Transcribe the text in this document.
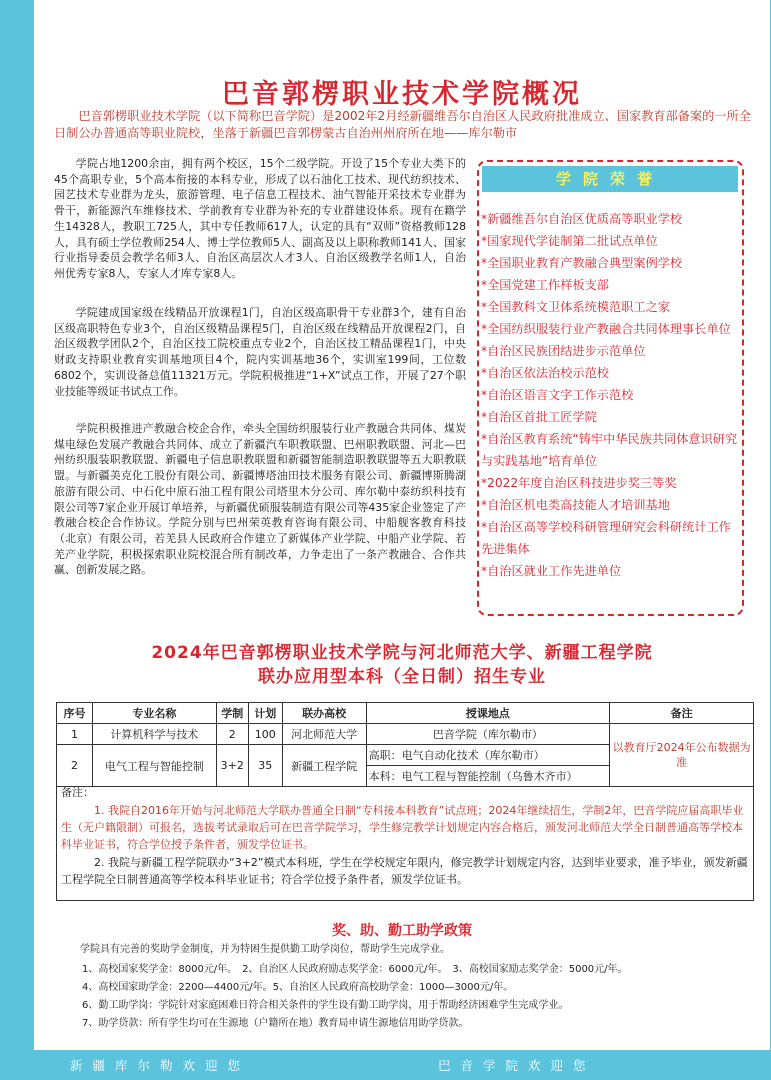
巴音郭楞职业技术学院概况

巴音郭楞职业技术学院（以下简称巴音学院）是2002年2月经新疆维吾尔自治区人民政府批准成立、国家教育部备案的一所全日制公办普通高等职业院校，坐落于新疆巴音郭楞蒙古自治州州府所在地——库尔勒市

学院占地1200余亩，拥有两个校区，15个二级学院。开设了15个专业大类下的45个高职专业，5个高本衔接的本科专业，形成了以石油化工技术、现代纺织技术、园艺技术专业群为龙头，旅游管理、电子信息工程技术、油气智能开采技术专业群为骨干，新能源汽车维修技术、学前教育专业群为补充的专业群建设体系。现有在籍学生14328人，教职工725人，其中专任教师617人，认定的具有“双师”资格教师128人，具有硕士学位教师254人、博士学位教师5人、副高及以上职称教师141人、国家行业指导委员会教学名师3人、自治区高层次人才3人、自治区级教学名师1人，自治州优秀专家8人，专家人才库专家8人。

学院建成国家级在线精品开放课程1门，自治区级高职骨干专业群3个，建有自治区级高职特色专业3个，自治区级精品课程5门，自治区级在线精品开放课程2门，自治区级教学团队2个，自治区技工院校重点专业2个，自治区技工精品课程1门，中央财政支持职业教育实训基地项目4个，院内实训基地36个，实训室199间，工位数6802个，实训设备总值11321万元。学院积极推进“1+X”试点工作，开展了27个职业技能等级证书试点工作。

学院积极推进产教融合校企合作，牵头全国纺织服装行业产教融合共同体、煤炭煤电绿色发展产教融合共同体、成立了新疆汽车职教联盟、巴州职教联盟、河北—巴州纺织服装职教联盟、新疆电子信息职教联盟和新疆智能制造职教联盟等五大职教联盟。与新疆美克化工股份有限公司、新疆博塔油田技术服务有限公司、新疆博斯腾湖旅游有限公司、中石化中原石油工程有限公司塔里木分公司、库尔勒中泰纺织科技有限公司等7家企业开展订单培养，与新疆优硕服装制造有限公司等435家企业签定了产教融合校企合作协议。学院分别与巴州荣英教育咨询有限公司、中船舰客教育科技（北京）有限公司，若羌县人民政府合作建立了新媒体产业学院、中船产业学院、若羌产业学院，积极探索职业院校混合所有制改革，力争走出了一条产教融合、合作共赢、创新发展之路。

学院荣誉
*新疆维吾尔自治区优质高等职业学校
*国家现代学徒制第二批试点单位
*全国职业教育产教融合典型案例学校
*全国党建工作样板支部
*全国教科文卫体系统模范职工之家
*全国纺织服装行业产教融合共同体理事长单位
*自治区民族团结进步示范单位
*自治区依法治校示范校
*自治区语言文字工作示范校
*自治区首批工匠学院
*自治区教育系统“铸牢中华民族共同体意识研究与实践基地”培育单位
*2022年度自治区科技进步奖三等奖
*自治区机电类高技能人才培训基地
*自治区高等学校科研管理研究会科研统计工作先进集体
*自治区就业工作先进单位
2024年巴音郭楞职业技术学院与河北师范大学、新疆工程学院
联办应用型本科（全日制）招生专业
序号	专业名称	学制	计划	联办高校	授课地点	备注
1	计算机科学与技术	2	100	河北师范大学	巴音学院（库尔勒市）	以教育厅2024年公布数据为准
2	电气工程与智能控制	3+2	35	新疆工程学院	高职：电气自动化技术（库尔勒市）	
					本科：电气工程与智能控制（乌鲁木齐市）	
备注：

1. 我院自2016年开始与河北师范大学联办普通全日制“专科接本科教育”试点班；2024年继续招生，学制2年，巴音学院应届高职毕业生（无户籍限制）可报名，选拔考试录取后可在巴音学院学习，学生修完教学计划规定内容合格后，颁发河北师范大学全日制普通高等学校本科毕业证书，符合学位授予条件者，颁发学位证书。

2. 我院与新疆工程学院联办“3+2”模式本科班，学生在学校规定年限内，修完教学计划规定内容，达到毕业要求，准予毕业，颁发新疆工程学院全日制普通高等学校本科毕业证书；符合学位授予条件者，颁发学位证书。

奖、助、勤工助学政策

学院具有完善的奖助学金制度，并为特困生提供勤工助学岗位，帮助学生完成学业。

1、高校国家奖学金：8000元/年。　2、自治区人民政府励志奖学金：6000元/年。　3、高校国家励志奖学金：5000元/年。

4、高校国家助学金：2200—4400元/年。5、自治区人民政府高校助学金：1000—3000元/年。

6、勤工助学岗：学院针对家庭困难日符合相关条件的学生设有勤工助学岗，用于帮助经济困难学生完成学业。

7、助学贷款：所有学生均可在生源地（户籍所在地）教育局申请生源地信用助学贷款。

新疆库尔勒欢迎您	巴音学院欢迎您
